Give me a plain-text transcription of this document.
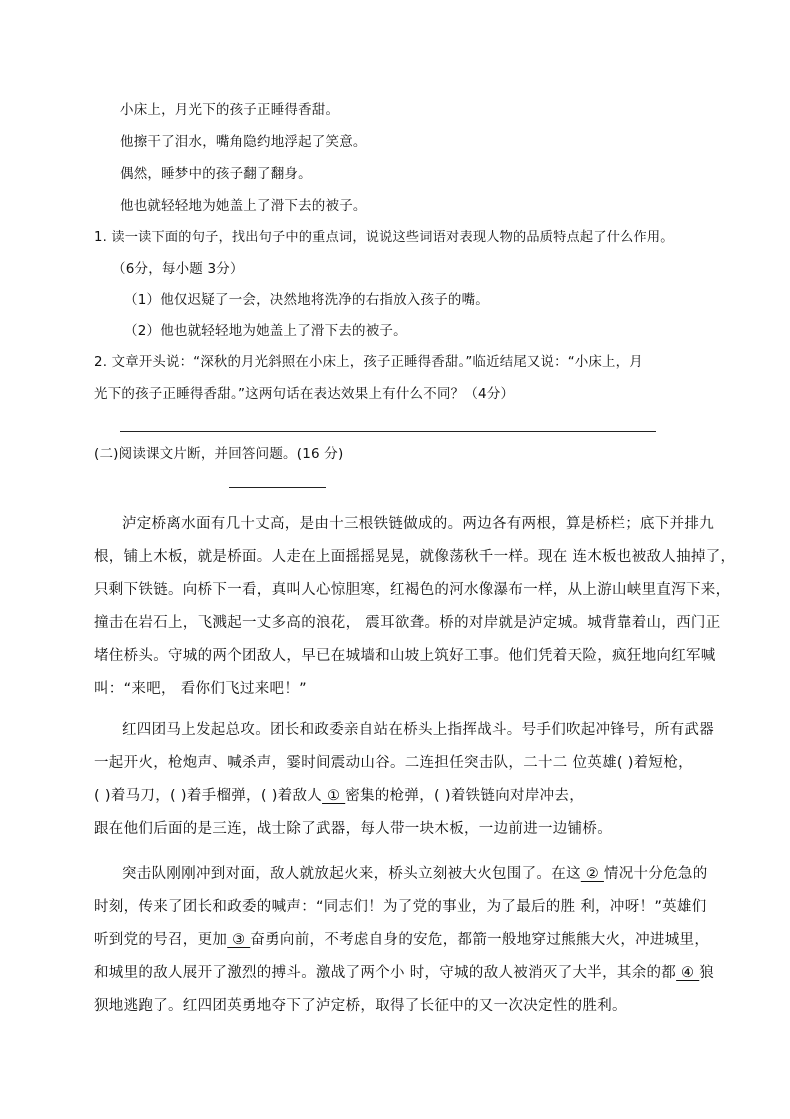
小床上，月光下的孩子正睡得香甜。
他擦干了泪水，嘴角隐约地浮起了笑意。
偶然，睡梦中的孩子翻了翻身。
他也就轻轻地为她盖上了滑下去的被子。
1. 读一读下面的句子，找出句子中的重点词，说说这些词语对表现人物的品质特点起了什么作用。
（6分，每小题 3分）
（1）他仅迟疑了一会，决然地将洗净的右指放入孩子的嘴。
（2）他也就轻轻地为她盖上了滑下去的被子。
2. 文章开头说：“深秋的月光斜照在小床上，孩子正睡得香甜。”临近结尾又说：“小床上，月
光下的孩子正睡得香甜。”这两句话在表达效果上有什么不同？（4分）
(二)阅读课文片断，并回答问题。(16 分)
泸定桥离水面有几十丈高，是由十三根铁链做成的。两边各有两根，算是桥栏；底下并排九
根，铺上木板，就是桥面。人走在上面摇摇晃晃，就像荡秋千一样。现在 连木板也被敌人抽掉了，
只剩下铁链。向桥下一看，真叫人心惊胆寒，红褐色的河水像瀑布一样，从上游山峡里直泻下来，
撞击在岩石上，飞溅起一丈多高的浪花， 震耳欲聋。桥的对岸就是泸定城。城背靠着山，西门正
堵住桥头。守城的两个团敌人，早已在城墙和山坡上筑好工事。他们凭着天险，疯狂地向红军喊
叫：“来吧， 看你们飞过来吧！”
红四团马上发起总攻。团长和政委亲自站在桥头上指挥战斗。号手们吹起冲锋号，所有武器
一起开火，枪炮声、喊杀声，霎时间震动山谷。二连担任突击队，二十二 位英雄( )着短枪，
( )着马刀，( )着手榴弹，( )着敌人 ① 密集的枪弹，( )着铁链向对岸冲去，
跟在他们后面的是三连，战士除了武器，每人带一块木板，一边前进一边铺桥。
突击队刚刚冲到对面，敌人就放起火来，桥头立刻被大火包围了。在这 ② 情况十分危急的
时刻，传来了团长和政委的喊声：“同志们！为了党的事业，为了最后的胜 利，冲呀！”英雄们
听到党的号召，更加 ③ 奋勇向前，不考虑自身的安危，都箭一般地穿过熊熊大火，冲进城里，
和城里的敌人展开了激烈的搏斗。激战了两个小 时，守城的敌人被消灭了大半，其余的都 ④ 狼
狈地逃跑了。红四团英勇地夺下了泸定桥，取得了长征中的又一次决定性的胜利。
